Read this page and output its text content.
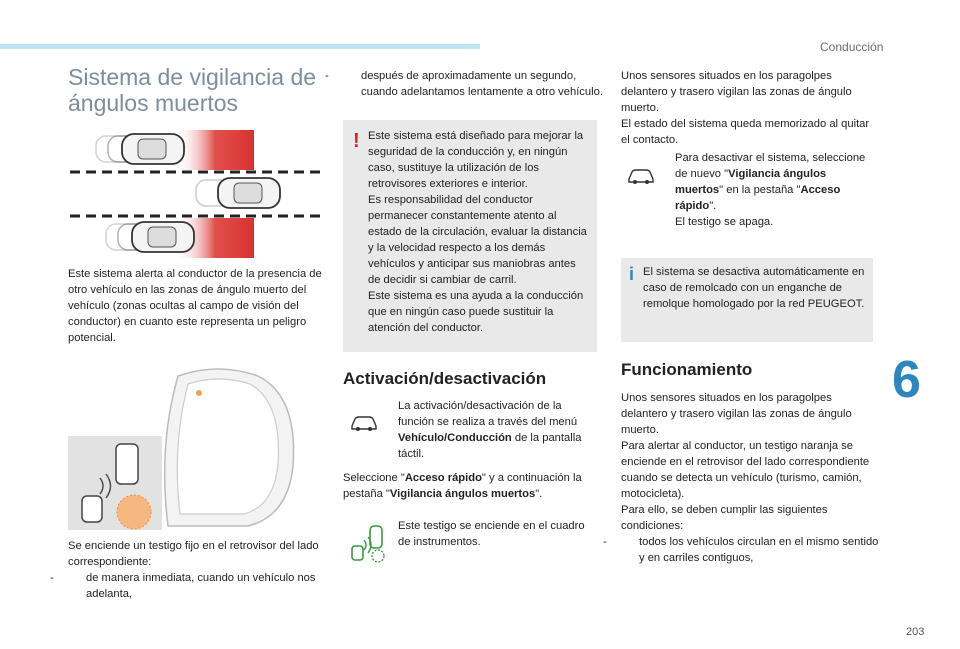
Conducción
6
203
Sistema de vigilancia de
ángulos muertos
Este sistema alerta al conductor de la presencia de otro vehículo en las zonas de ángulo muerto del vehículo (zonas ocultas al campo de visión del conductor) en cuanto este representa un peligro potencial.
Se enciende un testigo fijo en el retrovisor del lado correspondiente:
-	de manera inmediata, cuando un vehículo nos adelanta,
-	después de aproximadamente un segundo, cuando adelantamos lentamente a otro vehículo.
! Este sistema está diseñado para mejorar la seguridad de la conducción y, en ningún caso, sustituye la utilización de los retrovisores exteriores e interior.
Es responsabilidad del conductor permanecer constantemente atento al estado de la circulación, evaluar la distancia y la velocidad respecto a los demás vehículos y anticipar sus maniobras antes de decidir si cambiar de carril.
Este sistema es una ayuda a la conducción que en ningún caso puede sustituir la atención del conductor.
Activación/desactivación
La activación/desactivación de la función se realiza a través del menú Vehículo/Conducción de la pantalla táctil.
Seleccione "Acceso rápido" y a continuación la pestaña "Vigilancia ángulos muertos".
Este testigo se enciende en el cuadro de instrumentos.
Unos sensores situados en los paragolpes delantero y trasero vigilan las zonas de ángulo muerto.
El estado del sistema queda memorizado al quitar el contacto.
Para desactivar el sistema, seleccione de nuevo "Vigilancia ángulos muertos" en la pestaña "Acceso rápido".
El testigo se apaga.
i El sistema se desactiva automáticamente en caso de remolcado con un enganche de remolque homologado por la red PEUGEOT.
Funcionamiento
Unos sensores situados en los paragolpes delantero y trasero vigilan las zonas de ángulo muerto.
Para alertar al conductor, un testigo naranja se enciende en el retrovisor del lado correspondiente cuando se detecta un vehículo (turismo, camión, motocicleta).
Para ello, se deben cumplir las siguientes condiciones:
-	todos los vehículos circulan en el mismo sentido y en carriles contiguos,
